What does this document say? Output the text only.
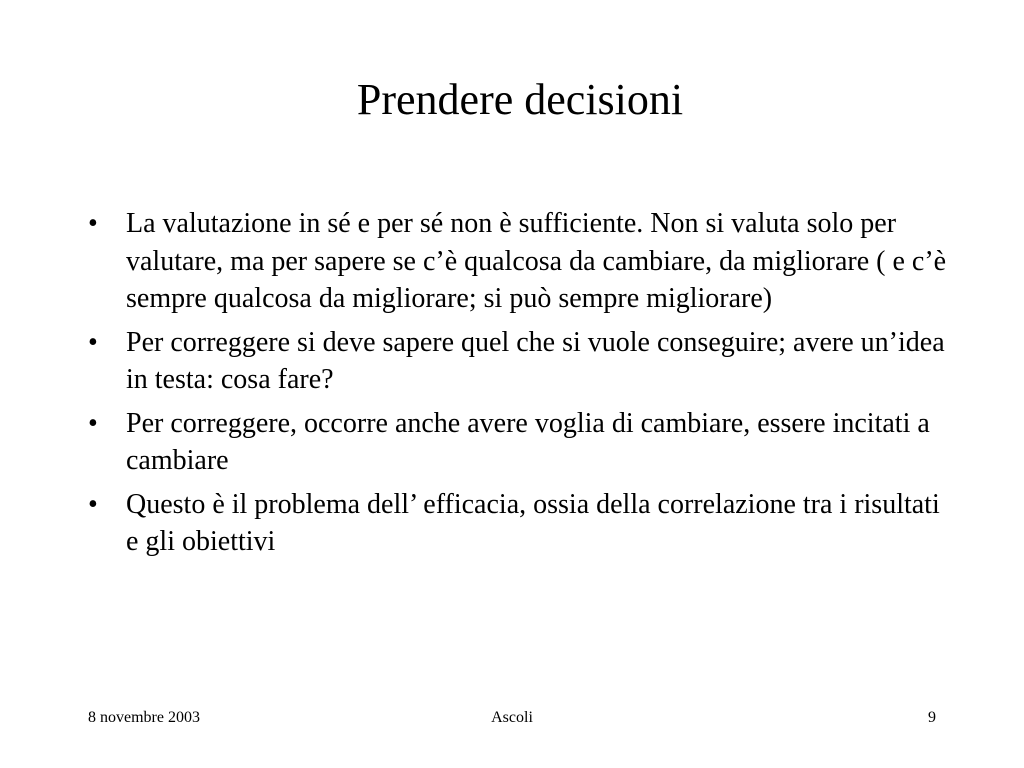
Prendere decisioni
•	La valutazione in sé e per sé non è sufficiente. Non si valuta solo per valutare, ma per sapere se c’è qualcosa da cambiare, da migliorare ( e c’è sempre qualcosa da migliorare; si può sempre migliorare)
•	Per correggere si deve sapere quel che si vuole conseguire; avere un’idea in testa: cosa fare?
•	Per correggere, occorre anche avere voglia di cambiare, essere incitati a cambiare
•	Questo è il problema dell’ efficacia, ossia della correlazione tra i risultati e gli obiettivi
8 novembre 2003	Ascoli	9
